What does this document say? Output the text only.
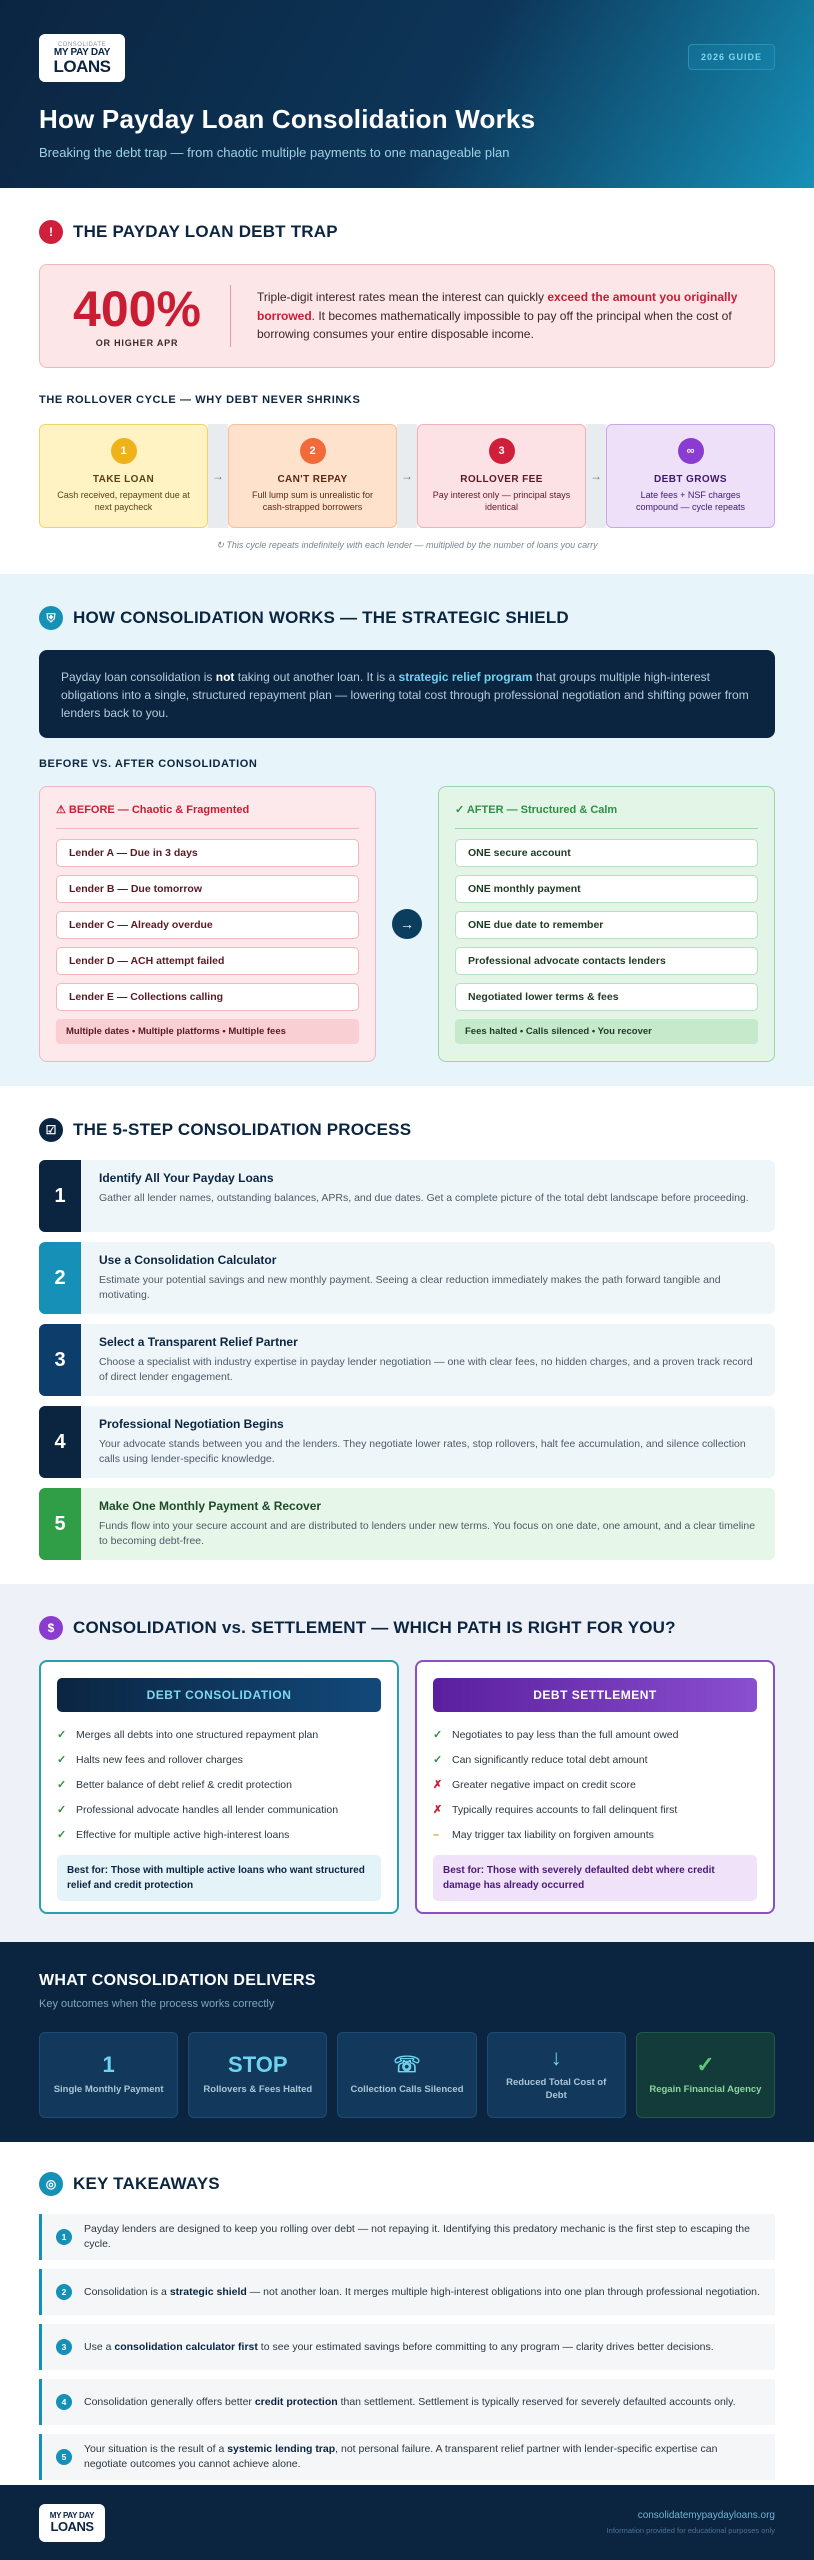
CONSOLIDATE
MY PAY DAY
LOANS	2026 GUIDE
How Payday Loan Consolidation Works

Breaking the debt trap — from chaotic multiple payments to one manageable plan

!	THE PAYDAY LOAN DEBT TRAP
400%
OR HIGHER APR

Triple-digit interest rates mean the interest can quickly exceed the amount you originally borrowed. It becomes mathematically impossible to pay off the principal when the cost of borrowing consumes your entire disposable income.

THE ROLLOVER CYCLE — WHY DEBT NEVER SHRINKS
1
TAKE LOAN
Cash received, repayment due at next paycheck
→
2
CAN'T REPAY
Full lump sum is unrealistic for cash-strapped borrowers
→
3
ROLLOVER FEE
Pay interest only — principal stays identical
→
∞
DEBT GROWS
Late fees + NSF charges compound — cycle repeats

↻ This cycle repeats indefinitely with each lender — multiplied by the number of loans you carry

⛨	HOW CONSOLIDATION WORKS — THE STRATEGIC SHIELD
Payday loan consolidation is not taking out another loan. It is a strategic relief program that groups multiple high-interest obligations into a single, structured repayment plan — lowering total cost through professional negotiation and shifting power from lenders back to you.
BEFORE VS. AFTER CONSOLIDATION
⚠ BEFORE — Chaotic & Fragmented
Lender A — Due in 3 days
Lender B — Due tomorrow
Lender C — Already overdue
Lender D — ACH attempt failed
Lender E — Collections calling
Multiple dates • Multiple platforms • Multiple fees
→
✓ AFTER — Structured & Calm
ONE secure account
ONE monthly payment
ONE due date to remember
Professional advocate contacts lenders
Negotiated lower terms & fees
Fees halted • Calls silenced • You recover
☑ THE 5-STEP CONSOLIDATION PROCESS
1
Identify All Your Payday Loans
Gather all lender names, outstanding balances, APRs, and due dates. Get a complete picture of the total debt landscape before proceeding.
2
Use a Consolidation Calculator
Estimate your potential savings and new monthly payment. Seeing a clear reduction immediately makes the path forward tangible and motivating.
3
Select a Transparent Relief Partner
Choose a specialist with industry expertise in payday lender negotiation — one with clear fees, no hidden charges, and a proven track record of direct lender engagement.
4
Professional Negotiation Begins
Your advocate stands between you and the lenders. They negotiate lower rates, stop rollovers, halt fee accumulation, and silence collection calls using lender-specific knowledge.
5
Make One Monthly Payment & Recover
Funds flow into your secure account and are distributed to lenders under new terms. You focus on one date, one amount, and a clear timeline to becoming debt-free.
$	CONSOLIDATION vs. SETTLEMENT — WHICH PATH IS RIGHT FOR YOU?
DEBT CONSOLIDATION
✓ Merges all debts into one structured repayment plan
✓ Halts new fees and rollover charges
✓ Better balance of debt relief & credit protection
✓ Professional advocate handles all lender communication
✓ Effective for multiple active high-interest loans
Best for: Those with multiple active loans who want structured relief and credit protection
DEBT SETTLEMENT
✓ Negotiates to pay less than the full amount owed
✓ Can significantly reduce total debt amount
✗ Greater negative impact on credit score
✗ Typically requires accounts to fall delinquent first
–	May trigger tax liability on forgiven amounts
Best for: Those with severely defaulted debt where credit damage has already occurred
WHAT CONSOLIDATION DELIVERS

Key outcomes when the process works correctly

1
Single Monthly Payment
STOP
Rollovers & Fees Halted
☏
Collection Calls Silenced
↓
Reduced Total Cost of Debt
✓
Regain Financial Agency
◎ KEY TAKEAWAYS
1

Payday lenders are designed to keep you rolling over debt — not repaying it. Identifying this predatory mechanic is the first step to escaping the cycle.

2	Consolidation is a strategic shield — not another loan. It merges multiple high-interest obligations into one plan through professional negotiation.

3	Use a consolidation calculator first to see your estimated savings before committing to any program — clarity drives better decisions.

4	Consolidation generally offers better credit protection than settlement. Settlement is typically reserved for severely defaulted accounts only.

5

Your situation is the result of a systemic lending trap, not personal failure. A transparent relief partner with lender-specific expertise can negotiate outcomes you cannot achieve alone.

MY PAY DAY
LOANS
consolidatemypaydayloans.org
Information provided for educational purposes only
